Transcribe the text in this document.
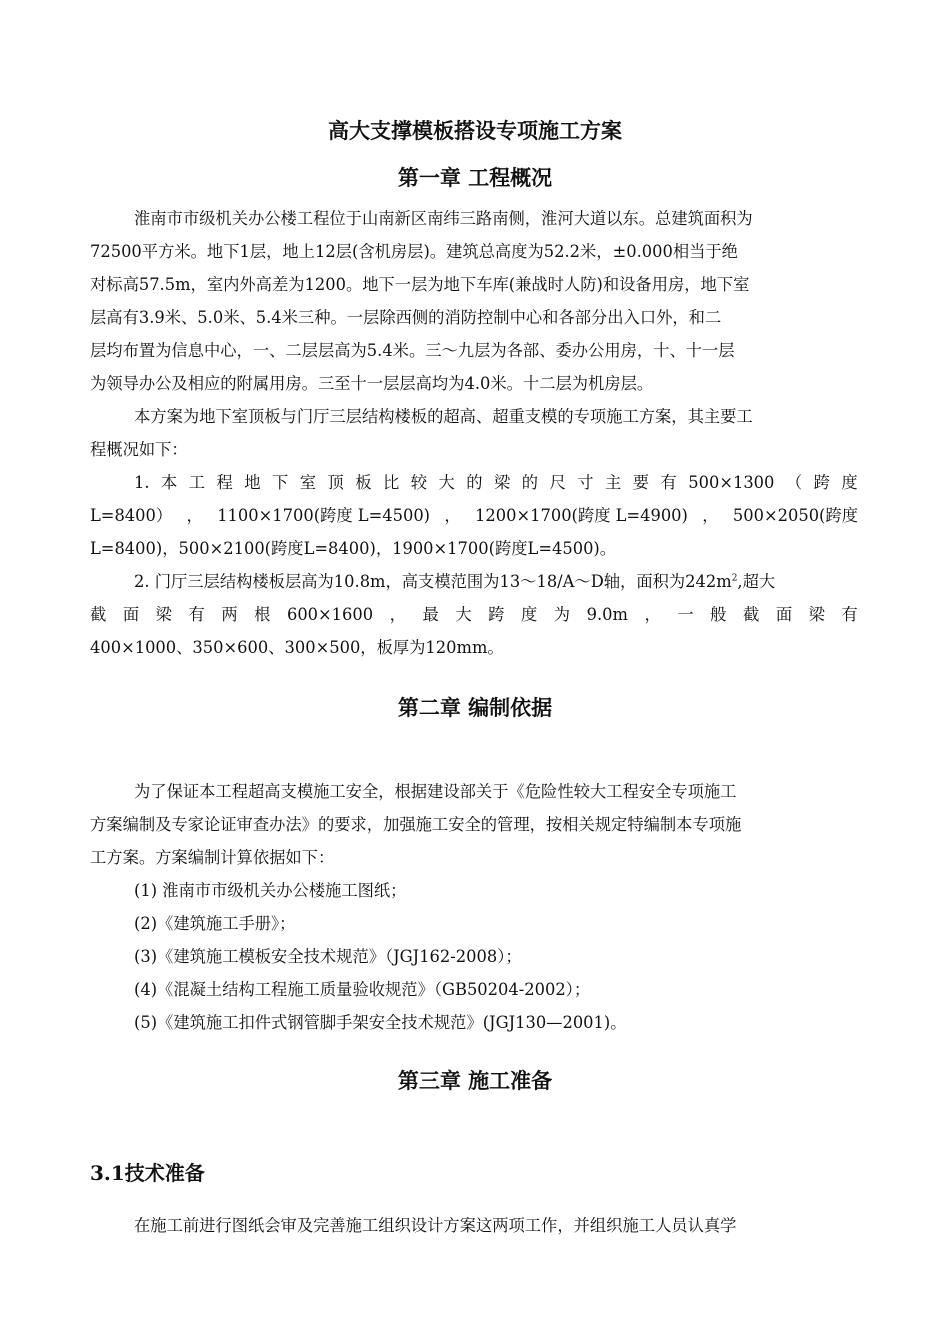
高大支撑模板搭设专项施工方案
第一章 工程概况
淮南市市级机关办公楼工程位于山南新区南纬三路南侧，淮河大道以东。总建筑面积为
72500平方米。地下1层，地上12层(含机房层)。建筑总高度为52.2米，±0.000相当于绝
对标高57.5m，室内外高差为1200。地下一层为地下车库(兼战时人防)和设备用房，地下室
层高有3.9米、5.0米、5.4米三种。一层除西侧的消防控制中心和各部分出入口外，和二
层均布置为信息中心，一、二层层高为5.4米。三～九层为各部、委办公用房，十、十一层
为领导办公及相应的附属用房。三至十一层层高均为4.0米。十二层为机房层。
本方案为地下室顶板与门厅三层结构楼板的超高、超重支模的专项施工方案，其主要工
程概况如下：
1. 本 工 程 地 下 室 顶 板 比 较 大 的 梁 的 尺 寸 主 要 有 500×1300 （ 跨 度
L=8400） ， 1100×1700(跨度 L=4500) ， 1200×1700(跨度 L=4900) ， 500×2050(跨度
L=8400)，500×2100(跨度L=8400)，1900×1700(跨度L=4500)。
2. 门厅三层结构楼板层高为10.8m，高支模范围为13～18/A～D轴，面积为$242m^2$,超大
截 面 梁 有 两 根 600×1600 ， 最 大 跨 度 为 9.0m ， 一 般 截 面 梁 有
400×1000、350×600、300×500，板厚为120mm。
第二章 编制依据
为了保证本工程超高支模施工安全，根据建设部关于《危险性较大工程安全专项施工
方案编制及专家论证审查办法》的要求，加强施工安全的管理，按相关规定特编制本专项施
工方案。方案编制计算依据如下：
(1) 淮南市市级机关办公楼施工图纸；
(2)《建筑施工手册》；
(3)《建筑施工模板安全技术规范》（JGJ162-2008）；
(4)《混凝土结构工程施工质量验收规范》（GB50204-2002）；
(5)《建筑施工扣件式钢管脚手架安全技术规范》(JGJ130—2001)。
第三章 施工准备
3.1技术准备
在施工前进行图纸会审及完善施工组织设计方案这两项工作，并组织施工人员认真学
